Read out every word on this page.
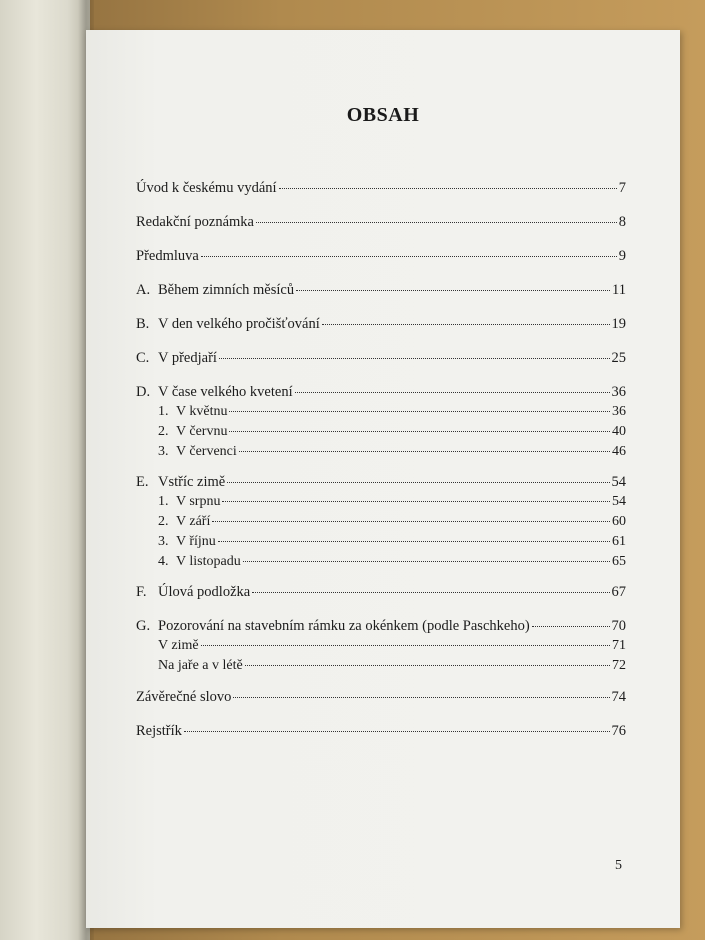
OBSAH
Úvod k českému vydání	7
Redakční poznámka	8
Předmluva	9
A. Během zimních měsíců	11
B. V den velkého pročišťování	19
C. V předjaří	25
D. V čase velkého kvetení	36
1. V květnu	36
2. V červnu	40
3. V červenci	46
E. Vstříc zimě	54
1. V srpnu	54
2. V září	60
3. V říjnu	61
4. V listopadu	65
F. Úlová podložka	67
G. Pozorování na stavebním rámku za okénkem (podle Paschkeho)	70
V zimě	71
Na jaře a v létě	72
Závěrečné slovo	74
Rejstřík	76
5
